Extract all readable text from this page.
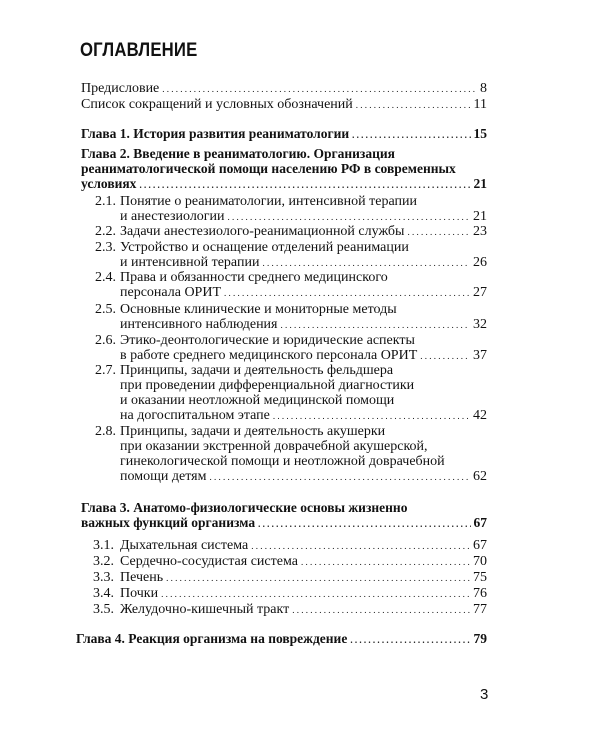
ОГЛАВЛЕНИЕ
Предисловие . . .	8
Список сокращений и условных обозначений . . .	11
Глава 1. История развития реаниматологии . . .	15
Глава 2. Введение в реаниматологию. Организация
реаниматологической помощи населению РФ в современных
условиях . . .	21
2.1. Понятие о реаниматологии, интенсивной терапии
и анестезиологии . . .	21
2.2. Задачи анестезиолого-реанимационной службы . . .	23
2.3. Устройство и оснащение отделений реанимации
и интенсивной терапии . . .	26
2.4. Права и обязанности среднего медицинского
персонала ОРИТ . . .	27
2.5. Основные клинические и мониторные методы
интенсивного наблюдения . . .	32
2.6. Этико-деонтологические и юридические аспекты
в работе среднего медицинского персонала ОРИТ . . .	37
2.7. Принципы, задачи и деятельность фельдшера
при проведении дифференциальной диагностики
и оказании неотложной медицинской помощи
на догоспитальном этапе . . .	42
2.8. Принципы, задачи и деятельность акушерки
при оказании экстренной доврачебной акушерской,
гинекологической помощи и неотложной доврачебной
помощи детям . . .	62
Глава 3. Анатомо-физиологические основы жизненно
важных функций организма . . .	67
3.1. Дыхательная система . . .	67
3.2. Сердечно-сосудистая система . . .	70
3.3. Печень . . .	75
3.4. Почки . . .	76
3.5. Желудочно-кишечный тракт . . .	77
Глава 4. Реакция организма на повреждение . . .	79
3
